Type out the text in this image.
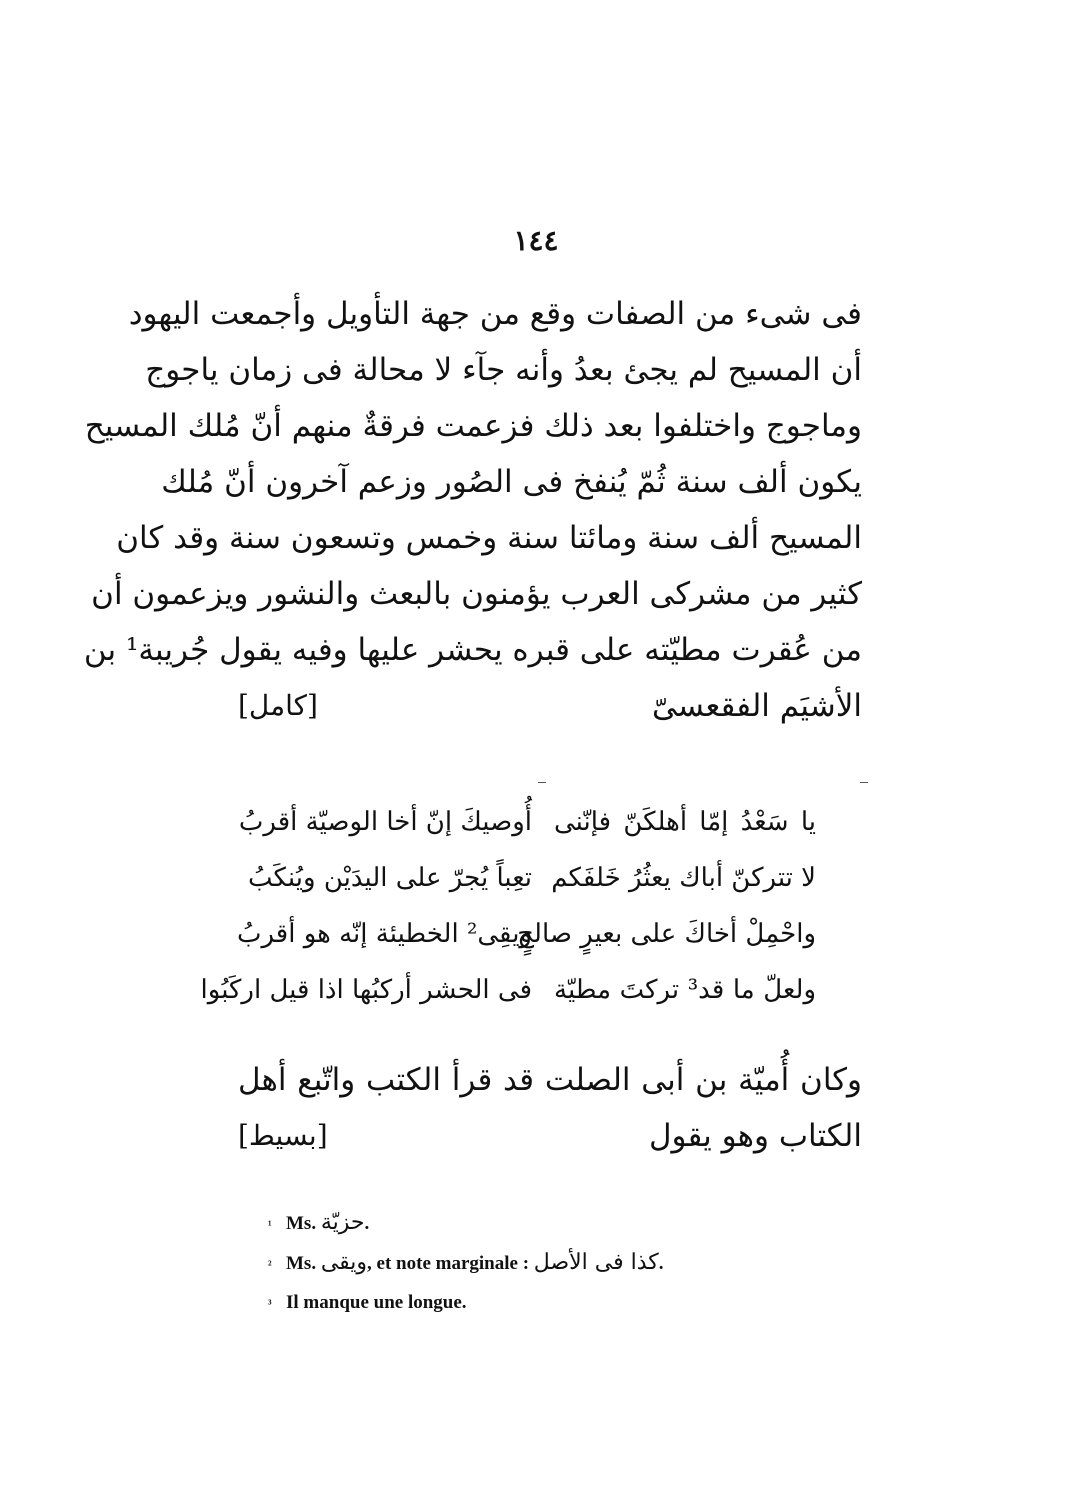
١٤٤
فى شىء من الصفات وقع من جهة التأويل وأجمعت اليهود
أن المسيح لم يجئ بعدُ وأنه جآء لا محالة فى زمان ياجوج
وماجوج واختلفوا بعد ذلك فزعمت فرقةٌ منهم أنّ مُلك المسيح
يكون ألف سنة ثُمّ يُنفخ فى الصُور وزعم آخرون أنّ مُلك
المسيح ألف سنة ومائتا سنة وخمس وتسعون سنة وقد كان
كثير من مشركى العرب يؤمنون بالبعث والنشور ويزعمون أن
من عُقرت مطيّته على قبره يحشر عليها وفيه يقول جُريبة¹ بن
الأشيَم الفقعسىّ
[كامل]
يا سَعْدُ إمّا أهلكَنّ فإنّنى
أُوصيكَ إنّ أخا الوصيّة أقربُ
لا تتركنّ أباك يعثُرُ خَلفَكم
تعِباً يُجرّ على اليدَيْن ويُنكَبُ
واحْمِلْ أخاكَ على بعيرٍ صالحٍ
ويقِى² الخطيئة إنّه هو أقربُ
ولعلّ ما قد³ تركتَ مطيّة
فى الحشر أركبُها اذا قيل اركَبُوا
وكان أُميّة بن أبى الصلت قد قرأ الكتب واتّبع أهل
الكتاب وهو يقول
[بسيط]
¹ Ms.
حزيّة .
² Ms.
ويقى , et note marginale :
كذا فى الأصل .
³ Il manque une longue.
